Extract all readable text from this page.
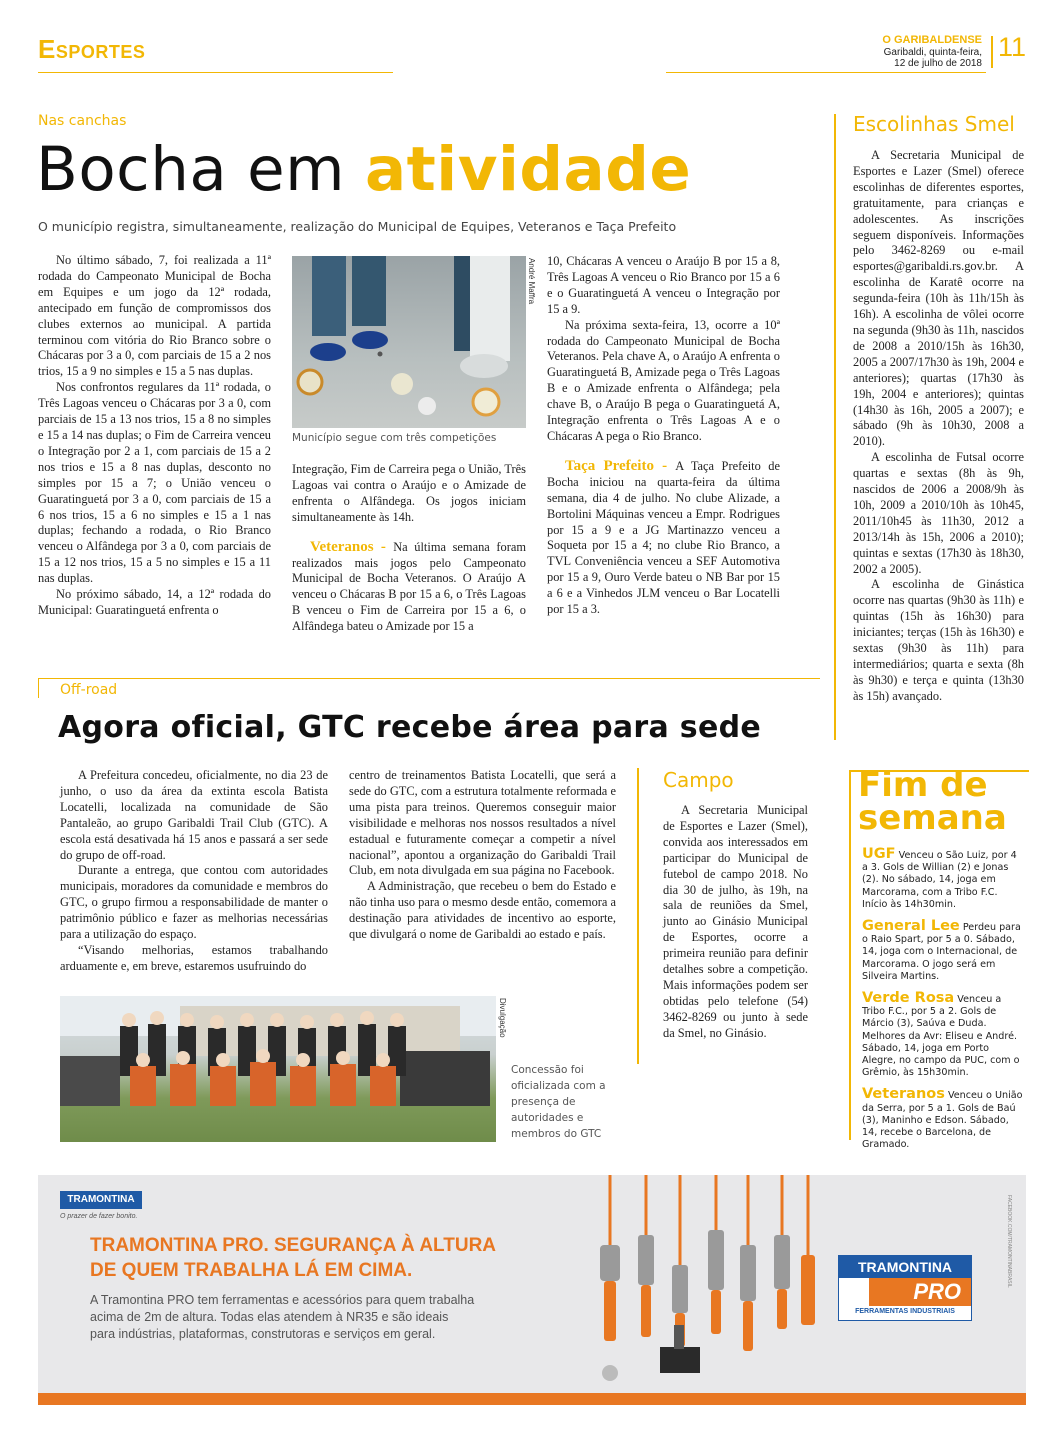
Esportes	O GARIBALDENSE
Garibaldi, quinta-feira,
12 de julho de 2018
11
Nas canchas
Bocha em atividade
O município registra, simultaneamente, realização do Municipal de Equipes, Veteranos e Taça Prefeito

No último sábado, 7, foi realizada a 11ª rodada do Campeonato Municipal de Bocha em Equipes e um jogo da 12ª rodada, antecipado em função de compromissos dos clubes externos ao municipal. A partida terminou com vitória do Rio Branco sobre o Chácaras por 3 a 0, com parciais de 15 a 2 nos trios, 15 a 9 no simples e 15 a 5 nas duplas.

Nos confrontos regulares da 11ª rodada, o Três Lagoas venceu o Chácaras por 3 a 0, com parciais de 15 a 13 nos trios, 15 a 8 no simples e 15 a 14 nas duplas; o Fim de Carreira venceu o Integração por 2 a 1, com parciais de 15 a 2 nos trios e 15 a 8 nas duplas, desconto no simples por 15 a 7; o União venceu o Guaratinguetá por 3 a 0, com parciais de 15 a 6 nos trios, 15 a 6 no simples e 15 a 1 nas duplas; fechando a rodada, o Rio Branco venceu o Alfândega por 3 a 0, com parciais de 15 a 12 nos trios, 15 a 5 no simples e 15 a 11 nas duplas.

No próximo sábado, 14, a 12ª rodada do Municipal: Guaratinguetá enfrenta o

André Maffra
Município segue com três competições

Integração, Fim de Carreira pega o União, Três Lagoas vai contra o Araújo e o Amizade de enfrenta o Alfândega. Os jogos iniciam simultaneamente às 14h.

Veteranos - Na última semana foram realizados mais jogos pelo Campeonato Municipal de Bocha Veteranos. O Araújo A venceu o Chácaras B por 15 a 6, o Três Lagoas B venceu o Fim de Carreira por 15 a 6, o Alfândega bateu o Amizade por 15 a

10, Chácaras A venceu o Araújo B por 15 a 8, Três Lagoas A venceu o Rio Branco por 15 a 6 e o Guaratinguetá A venceu o Integração por 15 a 9.

Na próxima sexta-feira, 13, ocorre a 10ª rodada do Campeonato Municipal de Bocha Veteranos. Pela chave A, o Araújo A enfrenta o Guaratinguetá B, Amizade pega o Três Lagoas B e o Amizade enfrenta o Alfândega; pela chave B, o Araújo B pega o Guaratinguetá A, Integração enfrenta o Três Lagoas A e o Chácaras A pega o Rio Branco.

Taça Prefeito - A Taça Prefeito de Bocha iniciou na quarta-feira da última semana, dia 4 de julho. No clube Alizade, a Bortolini Máquinas venceu a Empr. Rodrigues por 15 a 9 e a JG Martinazzo venceu a Soqueta por 15 a 4; no clube Rio Branco, a TVL Conveniência venceu a SEF Automotiva por 15 a 9, Ouro Verde bateu o NB Bar por 15 a 6 e a Vinhedos JLM venceu o Bar Locatelli por 15 a 3.

Escolinhas Smel

A Secretaria Municipal de Esportes e Lazer (Smel) oferece escolinhas de diferentes esportes, gratuitamente, para crianças e adolescentes. As inscrições seguem disponíveis. Informações pelo 3462-8269 ou e-mail esportes@garibaldi.rs.gov.br. A escolinha de Karatê ocorre na segunda-feira (10h às 11h/15h às 16h). A escolinha de vôlei ocorre na segunda (9h30 às 11h, nascidos de 2008 a 2010/15h às 16h30, 2005 a 2007/17h30 às 19h, 2004 e anteriores); quartas (17h30 às 19h, 2004 e anteriores); quintas (14h30 às 16h, 2005 a 2007); e sábado (9h às 10h30, 2008 a 2010).

A escolinha de Futsal ocorre quartas e sextas (8h às 9h, nascidos de 2006 a 2008/9h às 10h, 2009 a 2010/10h às 10h45, 2011/10h45 às 11h30, 2012 a 2013/14h às 15h, 2006 a 2010); quintas e sextas (17h30 às 18h30, 2002 a 2005).

A escolinha de Ginástica ocorre nas quartas (9h30 às 11h) e quintas (15h às 16h30) para iniciantes; terças (15h às 16h30) e sextas (9h30 às 11h) para intermediários; quarta e sexta (8h às 9h30) e terça e quinta (13h30 às 15h) avançado.

Off-road
Agora oficial, GTC recebe área para sede

A Prefeitura concedeu, oficialmente, no dia 23 de junho, o uso da área da extinta escola Batista Locatelli, localizada na comunidade de São Pantaleão, ao grupo Garibaldi Trail Club (GTC). A escola está desativada há 15 anos e passará a ser sede do grupo de off-road.

Durante a entrega, que contou com autoridades municipais, moradores da comunidade e membros do GTC, o grupo firmou a responsabilidade de manter o patrimônio público e fazer as melhorias necessárias para a utilização do espaço.

“Visando melhorias, estamos trabalhando arduamente e, em breve, estaremos usufruindo do

centro de treinamentos Batista Locatelli, que será a sede do GTC, com a estrutura totalmente reformada e uma pista para treinos. Queremos conseguir maior visibilidade e melhoras nos nossos resultados a nível estadual e futuramente começar a competir a nível nacional”, apontou a organização do Garibaldi Trail Club, em nota divulgada em sua página no Facebook.

A Administração, que recebeu o bem do Estado e não tinha uso para o mesmo desde então, comemora a destinação para atividades de incentivo ao esporte, que divulgará o nome de Garibaldi ao estado e país.

Divulgação
Concessão foi oficializada com a presença de autoridades e membros do GTC
Campo

A Secretaria Municipal de Esportes e Lazer (Smel), convida aos interessados em participar do Municipal de futebol de campo 2018. No dia 30 de julho, às 19h, na sala de reuniões da Smel, junto ao Ginásio Municipal de Esportes, ocorre a primeira reunião para definir detalhes sobre a competição. Mais informações podem ser obtidas pelo telefone (54) 3462-8269 ou junto à sede da Smel, no Ginásio.

Fim de
semana

UGF Venceu o São Luiz, por 4 a 3. Gols de Willian (2) e Jonas (2). No sábado, 14, joga em Marcorama, com a Tribo F.C. Início às 14h30min.

General Lee Perdeu para o Raio Spart, por 5 a 0. Sábado, 14, joga com o Internacional, de Marcorama. O jogo será em Silveira Martins.

Verde Rosa Venceu a Tribo F.C., por 5 a 2. Gols de Márcio (3), Saúva e Duda. Melhores da Avr: Eliseu e André. Sábado, 14, joga em Porto Alegre, no campo da PUC, com o Grêmio, às 15h30min.

Veteranos Venceu o União da Serra, por 5 a 1. Gols de Baú (3), Maninho e Edson. Sábado, 14, recebe o Barcelona, de Gramado.

TRAMONTINA
O prazer de fazer bonito.
TRAMONTINA PRO. SEGURANÇA À ALTURA
DE QUEM TRABALHA LÁ EM CIMA.
A Tramontina PRO tem ferramentas e acessórios para quem trabalha
acima de 2m de altura. Todas elas atendem à NR35 e são ideais
para indústrias, plataformas, construtoras e serviços em geral.
TRAMONTINA
PRO
FERRAMENTAS INDUSTRIAIS
FACEBOOK.COM/TRAMONTINABRASIL
